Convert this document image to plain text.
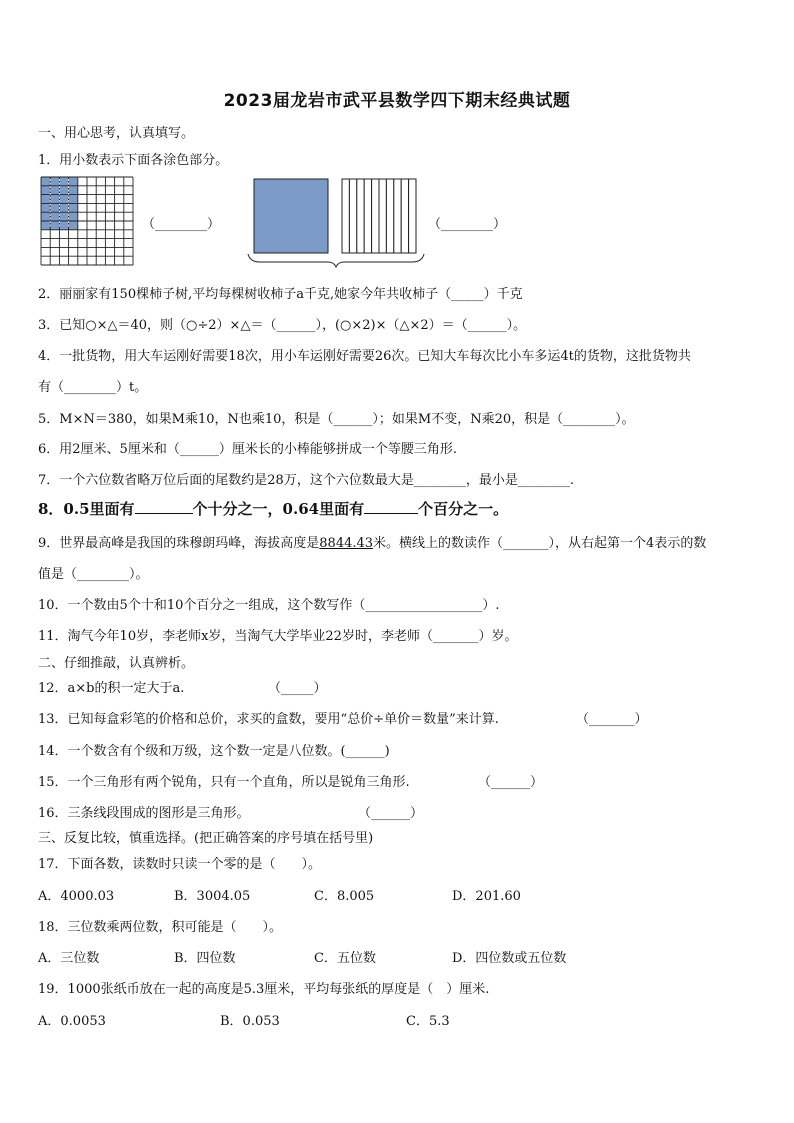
2023届龙岩市武平县数学四下期末经典试题
一、用心思考，认真填写。
1．用小数表示下面各涂色部分。
（________）	（________）
2．丽丽家有150棵柿子树,平均每棵树收柿子a千克,她家今年共收柿子（_____）千克
3．已知○×△＝40，则（○÷2）×△＝（______），(○×2)×（△×2）＝（______）。
4．一批货物，用大车运刚好需要18次，用小车运刚好需要26次。已知大车每次比小车多运4t的货物，这批货物共
有（________）t。
5．M×N＝380，如果M乘10，N也乘10，积是（______）；如果M不变，N乘20，积是（________）。
6．用2厘米、5厘米和（______）厘米长的小棒能够拼成一个等腰三角形.
7．一个六位数省略万位后面的尾数约是28万，这个六位数最大是________，最小是________.
8．0.5里面有	个十分之一，0.64里面有	个百分之一。
9．世界最高峰是我国的珠穆朗玛峰，海拔高度是8844.43米。横线上的数读作（_______），从右起第一个4表示的数
值是（________）。
10．一个数由5个十和10个百分之一组成，这个数写作（__________________）.
11．淘气今年10岁，李老师x岁，当淘气大学毕业22岁时，李老师（_______）岁。
二、仔细推敲，认真辨析。
12．a×b的积一定大于a.	（_____）
13．已知每盒彩笔的价格和总价，求买的盒数，要用“总价÷单价＝数量”来计算.	（_______）
14．一个数含有个级和万级，这个数一定是八位数。(______)
15．一个三角形有两个锐角，只有一个直角，所以是锐角三角形.	（______）
16．三条线段围成的图形是三角形。	（______）
三、反复比较，慎重选择。(把正确答案的序号填在括号里)
17．下面各数，读数时只读一个零的是（　　）。
A．4000.03	B．3004.05	C．8.005	D．201.60
18．三位数乘两位数，积可能是（　　）。
A．三位数	B．四位数	C．五位数	D．四位数或五位数
19．1000张纸币放在一起的高度是5.3厘米，平均每张纸的厚度是（　）厘米.
A．0.0053	B．0.053	C．5.3
